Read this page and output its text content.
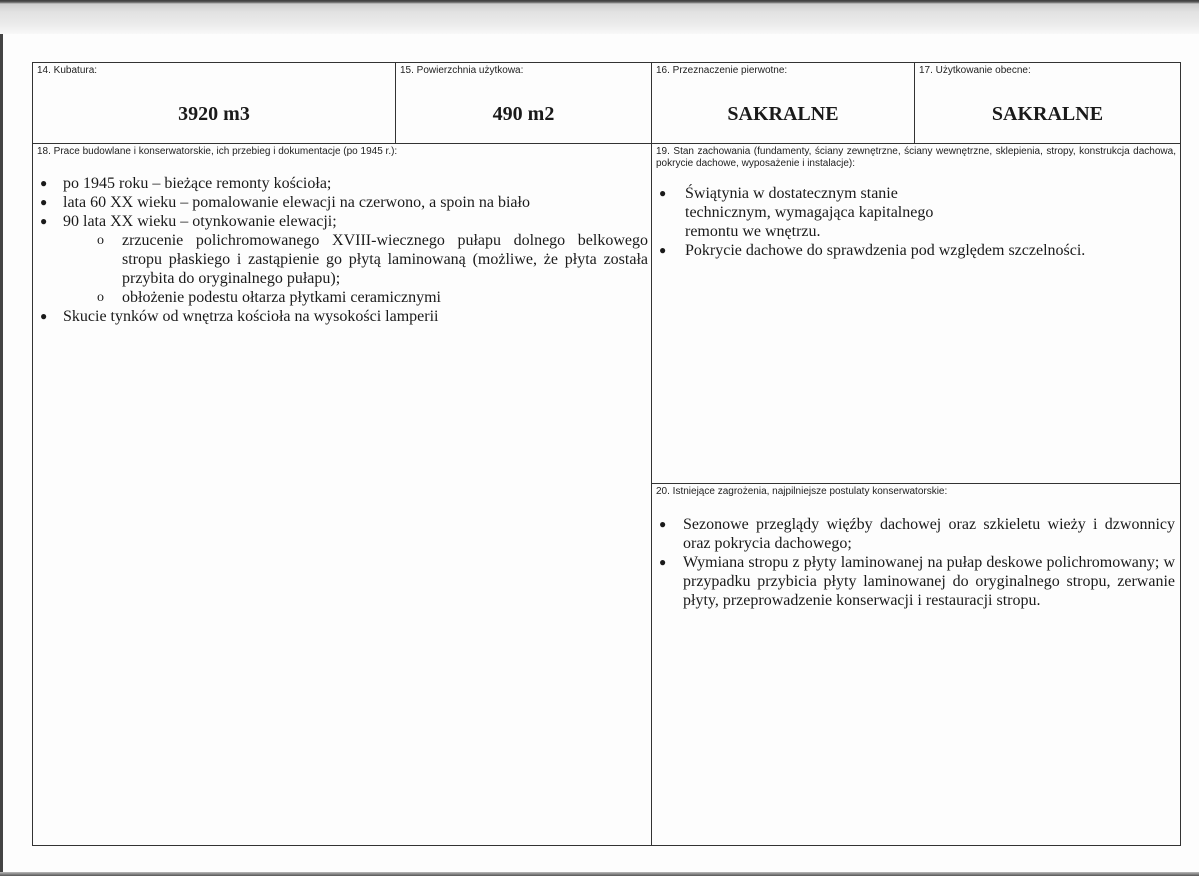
14. Kubatura:
3920 m3
15. Powierzchnia użytkowa:
490 m2
16. Przeznaczenie pierwotne:
SAKRALNE
17. Użytkowanie obecne:
SAKRALNE
18. Prace budowlane i konserwatorskie, ich przebieg i dokumentacje (po 1945 r.):
● po 1945 roku – bieżące remonty kościoła;
● lata 60 XX wieku – pomalowanie elewacji na czerwono, a spoin na biało
● 90 lata XX wieku – otynkowanie elewacji;
o zrzucenie polichromowanego XVIII-wiecznego pułapu dolnego belkowego stropu płaskiego i zastąpienie go płytą laminowaną (możliwe, że płyta została przybita do oryginalnego pułapu);
o obłożenie podestu ołtarza płytkami ceramicznymi
● Skucie tynków od wnętrza kościoła na wysokości lamperii
19. Stan zachowania (fundamenty, ściany zewnętrzne, ściany wewnętrzne, sklepienia, stropy, konstrukcja dachowa, pokrycie dachowe, wyposażenie i instalacje):
● Świątynia w dostatecznym stanie technicznym, wymagająca kapitalnego remontu we wnętrzu.
● Pokrycie dachowe do sprawdzenia pod względem szczelności.
20. Istniejące zagrożenia, najpilniejsze postulaty konserwatorskie:
● Sezonowe przeglądy więźby dachowej oraz szkieletu wieży i dzwonnicy oraz pokrycia dachowego;
● Wymiana stropu z płyty laminowanej na pułap deskowe polichromowany; w przypadku przybicia płyty laminowanej do oryginalnego stropu, zerwanie płyty, przeprowadzenie konserwacji i restauracji stropu.
